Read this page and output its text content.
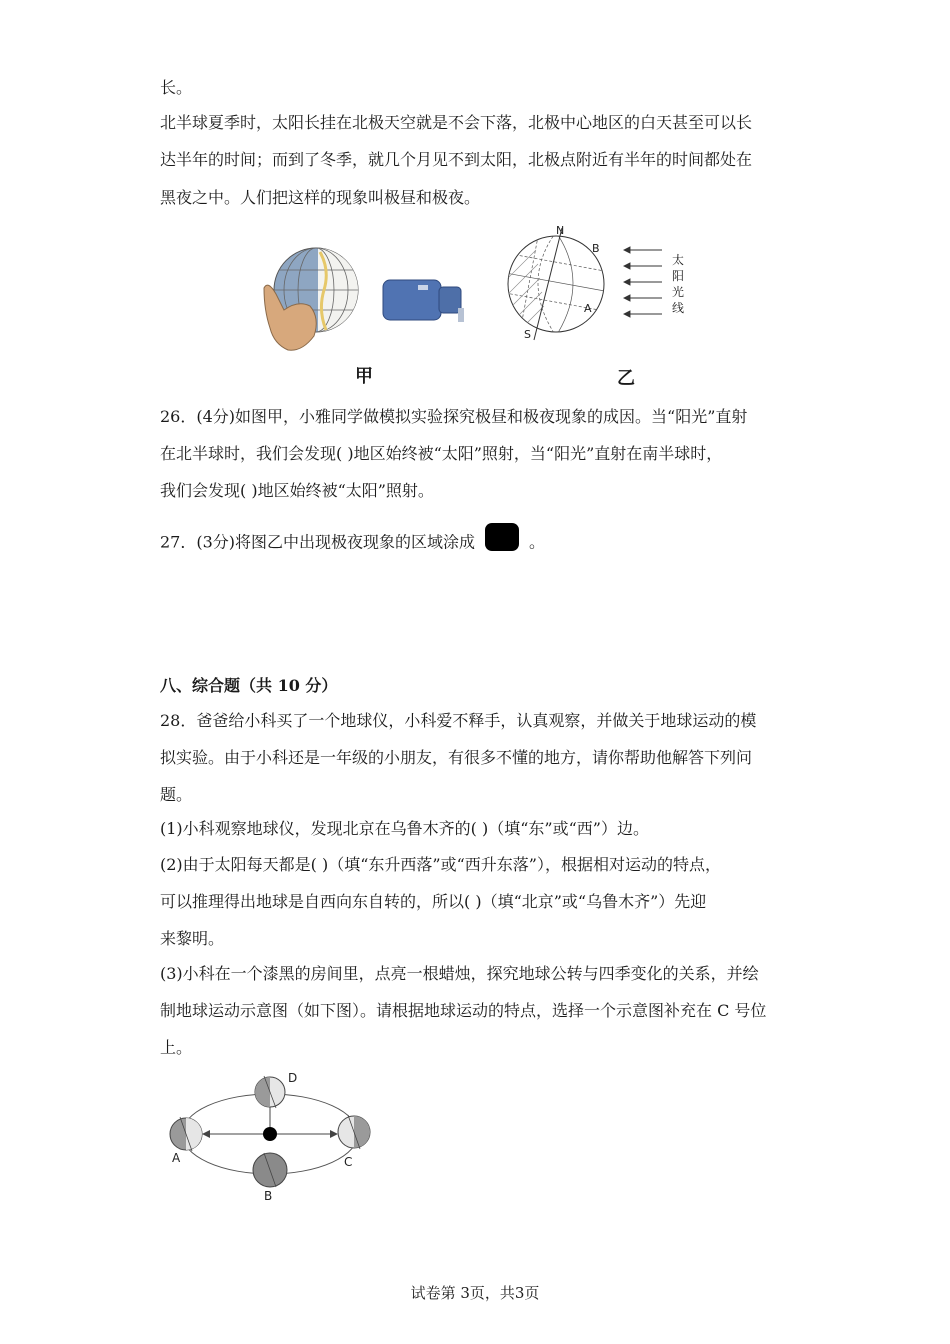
长。
北半球夏季时，太阳长挂在北极天空就是不会下落，北极中心地区的白天甚至可以长
达半年的时间；而到了冬季，就几个月见不到太阳，北极点附近有半年的时间都处在
黑夜之中。人们把这样的现象叫极昼和极夜。
N
B
A
S
太
阳
光
线
甲	乙
26．(4分)如图甲，小雅同学做模拟实验探究极昼和极夜现象的成因。当“阳光”直射
在北半球时，我们会发现( )地区始终被“太阳”照射，当“阳光”直射在南半球时，
我们会发现( )地区始终被“太阳”照射。
27．(3分)将图乙中出现极夜现象的区域涂成	。
八、综合题（共 10 分）
28．爸爸给小科买了一个地球仪，小科爱不释手，认真观察，并做关于地球运动的模
拟实验。由于小科还是一年级的小朋友，有很多不懂的地方，请你帮助他解答下列问
题。
(1)小科观察地球仪，发现北京在乌鲁木齐的( )（填“东”或“西”）边。
(2)由于太阳每天都是( )（填“东升西落”或“西升东落”），根据相对运动的特点，
可以推理得出地球是自西向东自转的，所以( )（填“北京”或“乌鲁木齐”）先迎
来黎明。
(3)小科在一个漆黑的房间里，点亮一根蜡烛，探究地球公转与四季变化的关系，并绘
制地球运动示意图（如下图）。请根据地球运动的特点，选择一个示意图补充在 C 号位
上。
D
A
B
C
试卷第 3页，共3页
